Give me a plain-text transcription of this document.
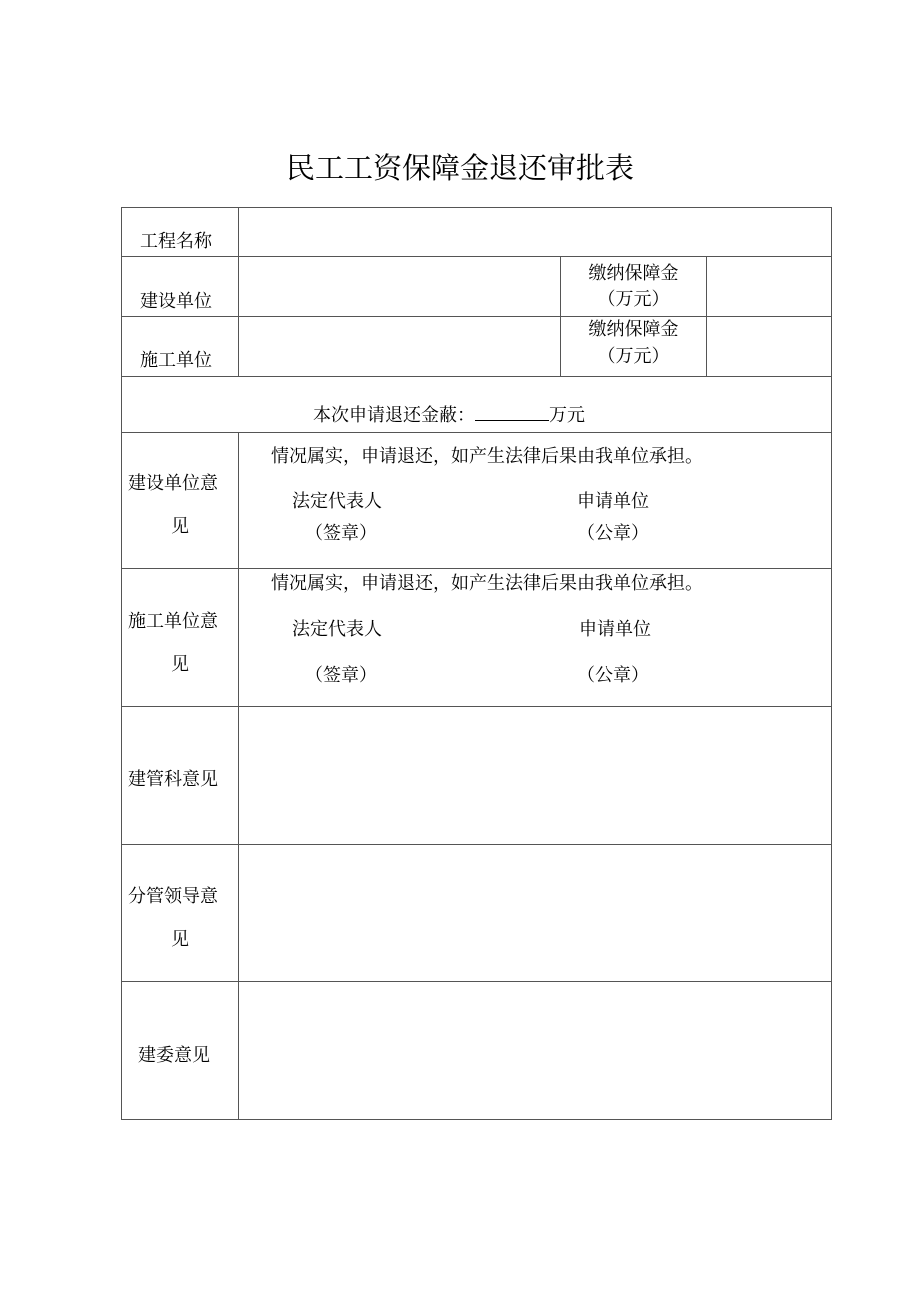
民工工资保障金退还审批表
工程名称
建设单位
缴纳保障金
（万元）
施工单位
缴纳保障金
（万元）
本次申请退还金蔽：	万元
建设单位意
见
情况属实，申请退还，如产生法律后果由我单位承担。
法定代表人
（签章）
申请单位
（公章）
施工单位意
见
情况属实，申请退还，如产生法律后果由我单位承担。
法定代表人
（签章）
申请单位
（公章）
建管科意见
分管领导意
见
建委意见
